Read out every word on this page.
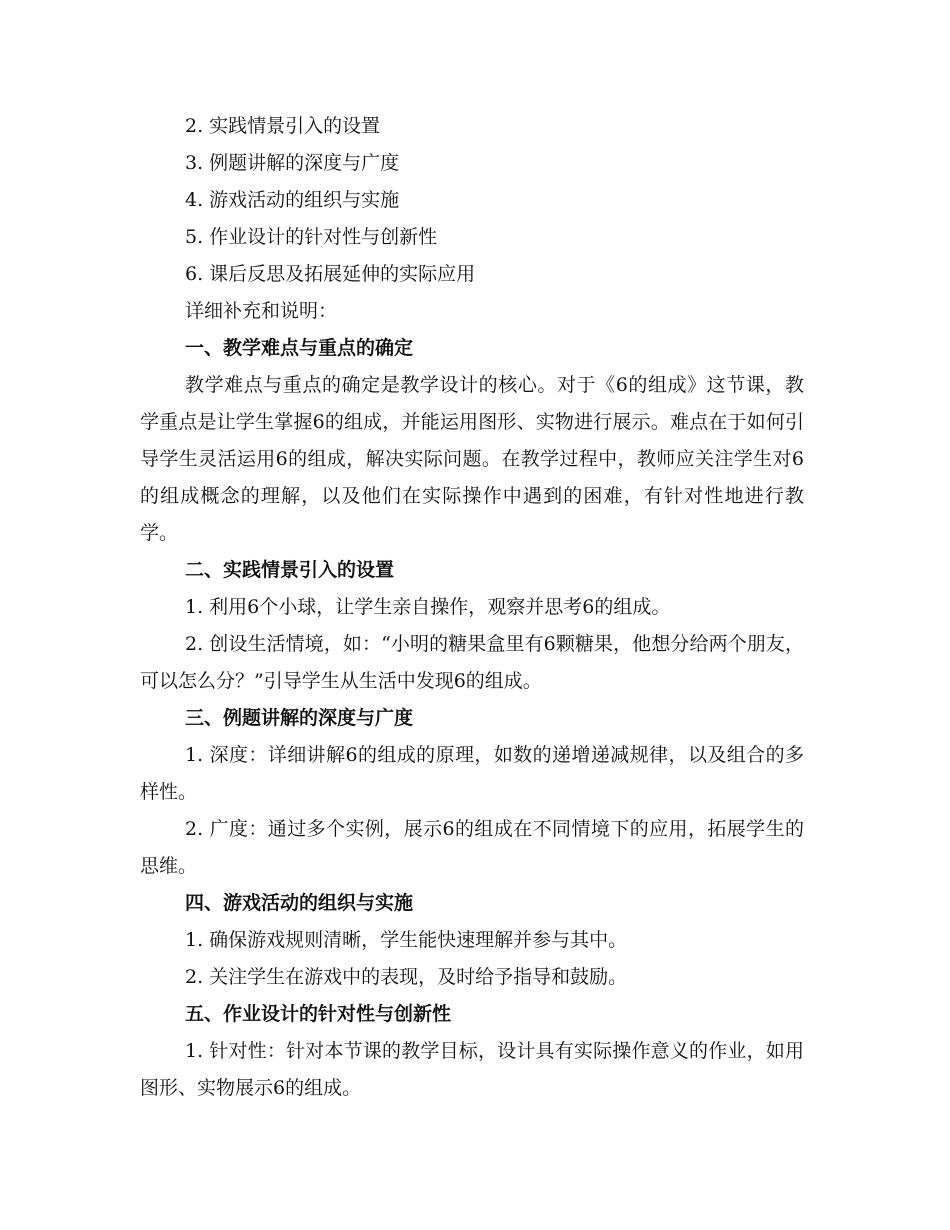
2. 实践情景引入的设置

3. 例题讲解的深度与广度

4. 游戏活动的组织与实施

5. 作业设计的针对性与创新性

6. 课后反思及拓展延伸的实际应用

详细补充和说明：

一、教学难点与重点的确定

教学难点与重点的确定是教学设计的核心。对于《6的组成》这节课，教学重点是让学生掌握6的组成，并能运用图形、实物进行展示。难点在于如何引导学生灵活运用6的组成，解决实际问题。在教学过程中，教师应关注学生对6的组成概念的理解，以及他们在实际操作中遇到的困难，有针对性地进行教学。

二、实践情景引入的设置

1. 利用6个小球，让学生亲自操作，观察并思考6的组成。

2. 创设生活情境，如：“小明的糖果盒里有6颗糖果，他想分给两个朋友，可以怎么分？”引导学生从生活中发现6的组成。

三、例题讲解的深度与广度

1. 深度：详细讲解6的组成的原理，如数的递增递减规律，以及组合的多样性。

2. 广度：通过多个实例，展示6的组成在不同情境下的应用，拓展学生的思维。

四、游戏活动的组织与实施

1. 确保游戏规则清晰，学生能快速理解并参与其中。

2. 关注学生在游戏中的表现，及时给予指导和鼓励。

五、作业设计的针对性与创新性

1. 针对性：针对本节课的教学目标，设计具有实际操作意义的作业，如用图形、实物展示6的组成。
